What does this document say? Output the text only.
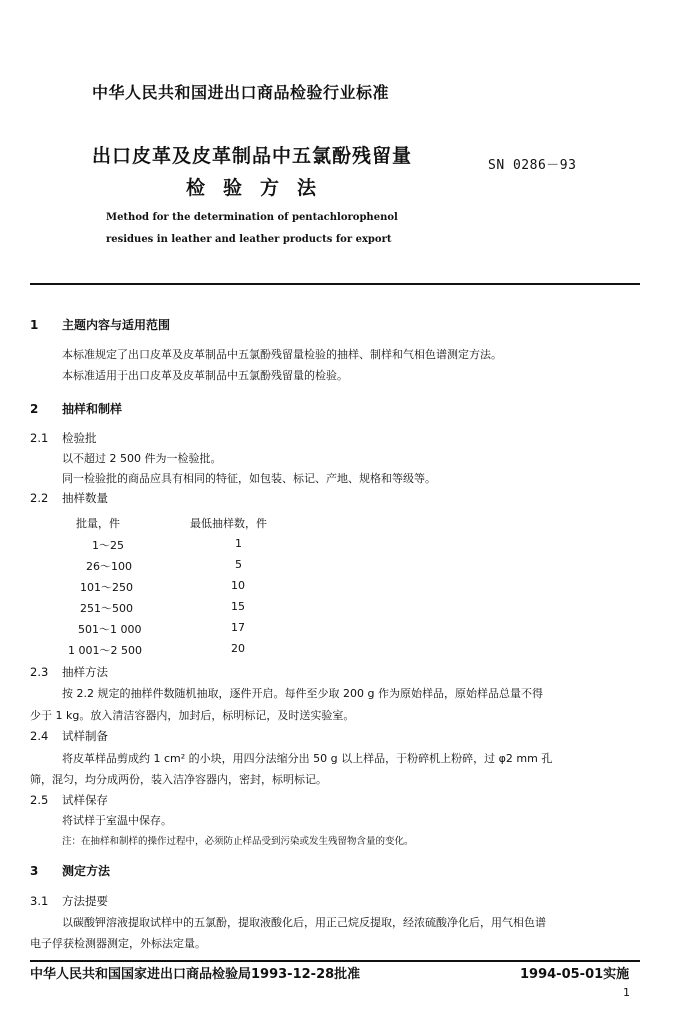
中华人民共和国进出口商品检验行业标准
出口皮革及皮革制品中五氯酚残留量
检验方法
SN 0286－93
Method for the determination of pentachlorophenol
residues in leather and leather products for export
1 主题内容与适用范围
本标准规定了出口皮革及皮革制品中五氯酚残留量检验的抽样、制样和气相色谱测定方法。
本标准适用于出口皮革及皮革制品中五氯酚残留量的检验。
2 抽样和制样
2.1 检验批
以不超过 2 500 件为一检验批。
同一检验批的商品应具有相同的特征，如包装、标记、产地、规格和等级等。
2.2 抽样数量
批量，件	最低抽样数，件
1～25	1
26～100	5
101～250	10
251～500	15
501～1 000	17
1 001～2 500	20
2.3 抽样方法
按 2.2 规定的抽样件数随机抽取，逐件开启。每件至少取 200 g 作为原始样品，原始样品总量不得
少于 1 kg。放入清洁容器内，加封后，标明标记，及时送实验室。
2.4 试样制备
将皮革样品剪成约 1 cm² 的小块，用四分法缩分出 50 g 以上样品，于粉碎机上粉碎，过 φ2 mm 孔
筛，混匀，均分成两份，装入洁净容器内，密封，标明标记。
2.5 试样保存
将试样于室温中保存。
注：在抽样和制样的操作过程中，必须防止样品受到污染或发生残留物含量的变化。
3 测定方法
3.1 方法提要
以碳酸钾溶液提取试样中的五氯酚，提取液酸化后，用正己烷反提取，经浓硫酸净化后，用气相色谱
电子俘获检测器测定，外标法定量。
中华人民共和国国家进出口商品检验局1993-12-28批准	1994-05-01实施
1
